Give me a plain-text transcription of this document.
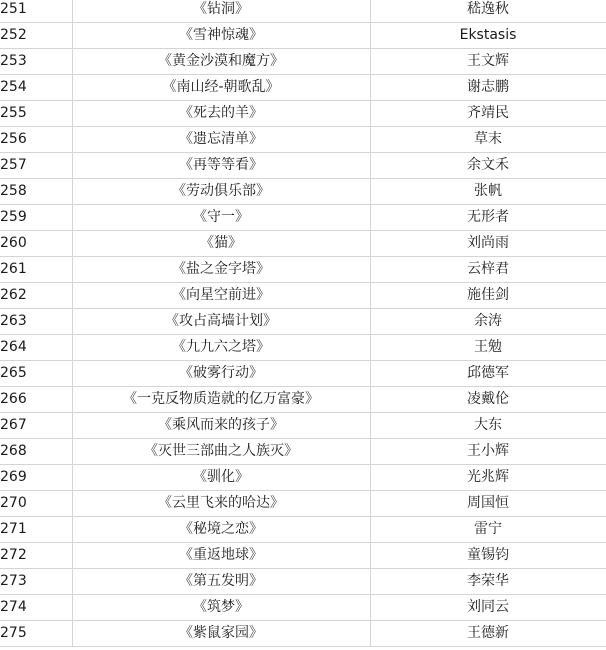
251	《钻洞》	嵇逸秋
252	《雪神惊魂》	Ekstasis
253	《黄金沙漠和魔方》	王文辉
254	《南山经-朝歌乱》	谢志鹏
255	《死去的羊》	齐靖民
256	《遗忘清单》	草末
257	《再等等看》	余文禾
258	《劳动俱乐部》	张帆
259	《守一》	无形者
260	《猫》	刘尚雨
261	《盐之金字塔》	云梓君
262	《向星空前进》	施佳剑
263	《攻占高墙计划》	余涛
264	《九九六之塔》	王勉
265	《破雾行动》	邱德军
266	《一克反物质造就的亿万富豪》	凌戴伦
267	《乘风而来的孩子》	大东
268	《灭世三部曲之人族灭》	王小辉
269	《驯化》	光兆辉
270	《云里飞来的哈达》	周国恒
271	《秘境之恋》	雷宁
272	《重返地球》	童锡钧
273	《第五发明》	李荣华
274	《筑梦》	刘同云
275	《紫鼠家园》	王德新
